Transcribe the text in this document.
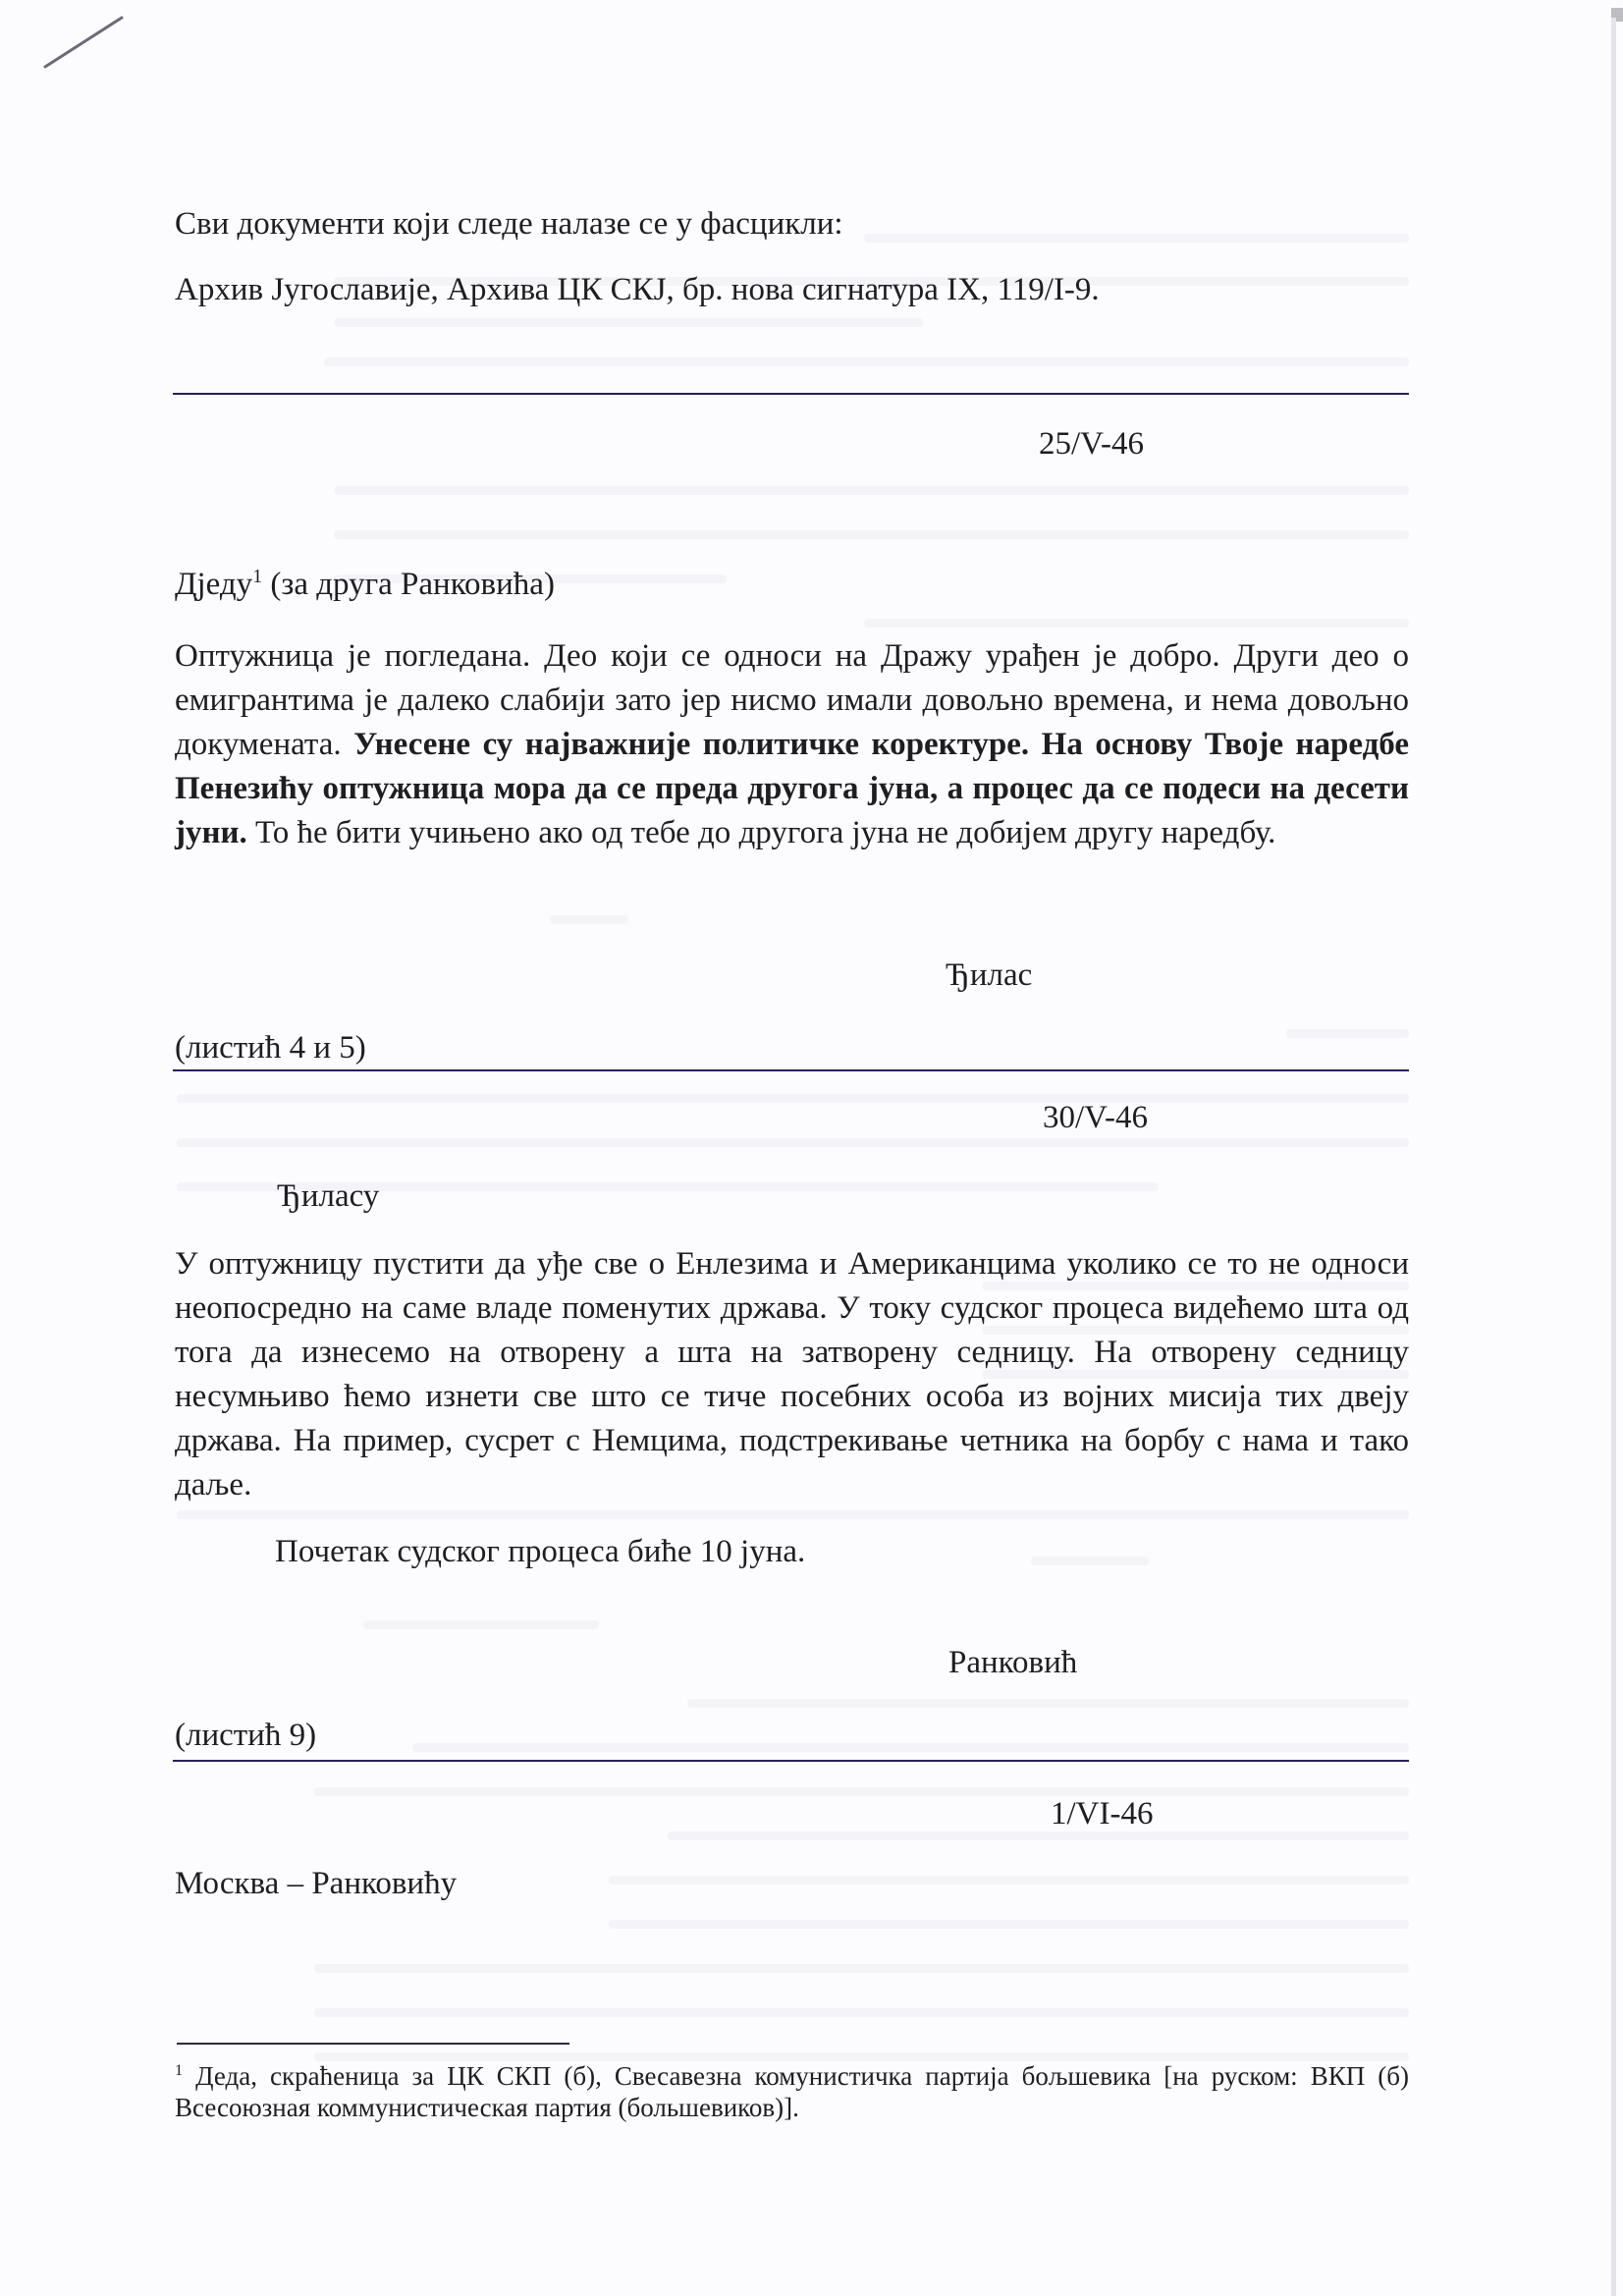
Сви документи који следе налазе се у фасцикли:
Архив Југославије, Архива ЦК СКЈ, бр. нова сигнатура IX, 119/I-9.
25/V-46
Дједу$^1$ (за друга Ранковића)
Оптужница је погледана. Део који се односи на Дражу урађен је добро. Други део о емигрантима је далеко слабији зато јер нисмо имали довољно времена, и нема довољно докумената. Унесене су најважније политичке коректуре. На основу Твоје наредбе Пенезићу оптужница мора да се преда другога јуна, а процес да се подеси на десети јуни. То ће бити учињено ако од тебе до другога јуна не добијем другу наредбу.
Ђилас
(листић 4 и 5)
30/V-46
Ђиласу
У оптужницу пустити да уђе све о Енлезима и Американцима уколико се то не односи неопосредно на саме владе поменутих држава. У току судског процеса видећемо шта од тога да изнесемо на отворену а шта на затворену седницу. На отворену седницу несумњиво ћемо изнети све што се тиче посебних особа из војних мисија тих двеју држава. На пример, сусрет с Немцима, подстрекивање четника на борбу с нама и тако даље.
Почетак судског процеса биће 10 јуна.
Ранковић
(листић 9)
1/VI-46
Москва – Ранковићу
$^1$ Деда, скраћеница за ЦК СКП (б), Свесавезна комунистичка партија бољшевика [на руском: ВКП (б) Всесоюзная коммунистическая партия (большевиков)].
